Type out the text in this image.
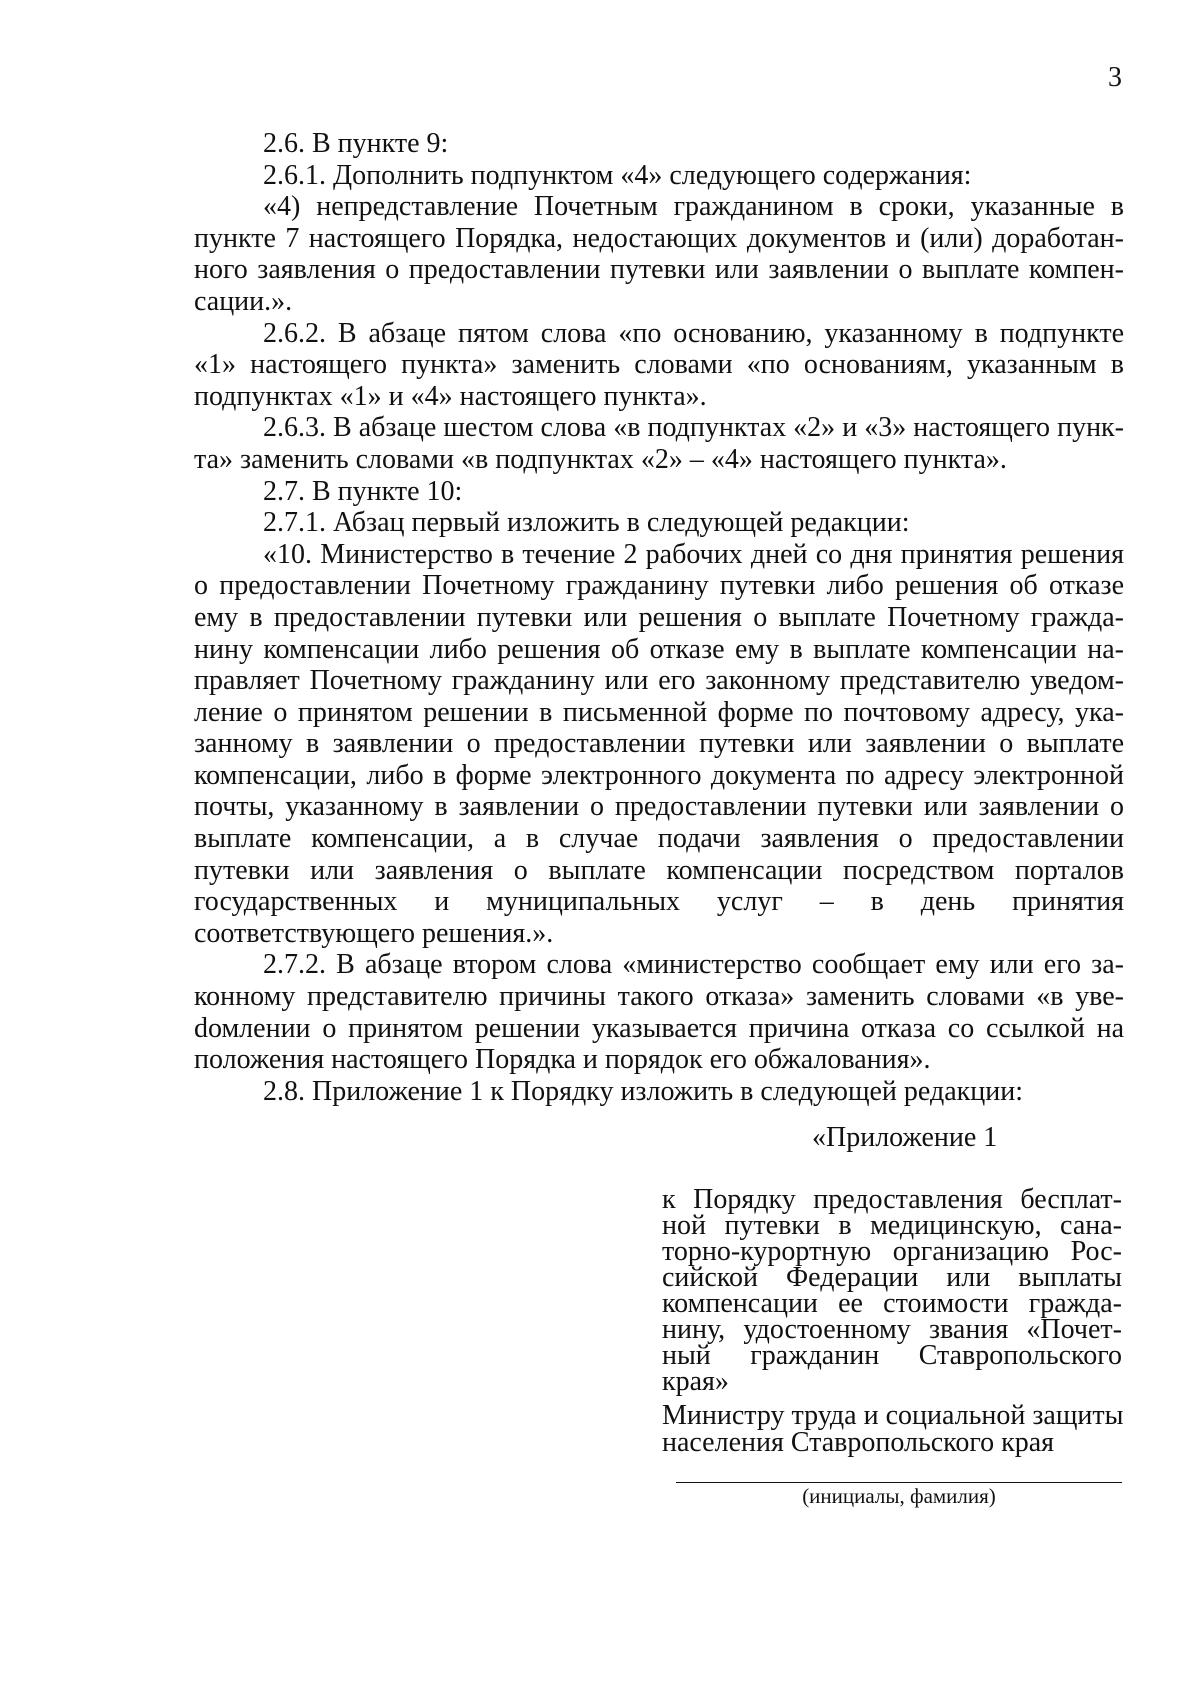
3

2.6. В пункте 9:

2.6.1. Дополнить подпунктом «4» следующего содержания:

«4) непредставление Почетным гражданином в сроки, указанные в пункте 7 настоящего Порядка, недостающих документов и (или) доработанного заявления о предоставлении путевки или заявлении о выплате компенсации.».

2.6.2. В абзаце пятом слова «по основанию, указанному в подпункте «1» настоящего пункта» заменить словами «по основаниям, указанным в подпунктах «1» и «4» настоящего пункта».

2.6.3. В абзаце шестом слова «в подпунктах «2» и «3» настоящего пункта» заменить словами «в подпунктах «2» – «4» настоящего пункта».

2.7. В пункте 10:

2.7.1. Абзац первый изложить в следующей редакции:

«10. Министерство в течение 2 рабочих дней со дня принятия решения о предоставлении Почетному гражданину путевки либо решения об отказе ему в предоставлении путевки или решения о выплате Почетному гражданину компенсации либо решения об отказе ему в выплате компенсации направляет Почетному гражданину или его законному представителю уведомление о принятом решении в письменной форме по почтовому адресу, указанному в заявлении о предоставлении путевки или заявлении о выплате компенсации, либо в форме электронного документа по адресу электронной почты, указанному в заявлении о предоставлении путевки или заявлении о выплате компенсации, а в случае подачи заявления о предоставлении путевки или заявления о выплате компенсации посредством порталов государственных и муниципальных услуг – в день принятия соответствующего решения.».

2.7.2. В абзаце втором слова «министерство сообщает ему или его законному представителю причины такого отказа» заменить словами «в увеdомлении о принятом решении указывается причина отказа со ссылкой на положения настоящего Порядка и порядок его обжалования».

2.8. Приложение 1 к Порядку изложить в следующей редакции:

«Приложение 1

к Порядку предоставления бесплатной путевки в медицинскую, санаторно-курортную организацию Российской Федерации или выплаты компенсации ее стоимости гражданину, удостоенному звания «Почетный гражданин Ставропольского края»

Министру труда и социальной защиты

населения Ставропольского края

(инициалы, фамилия)
